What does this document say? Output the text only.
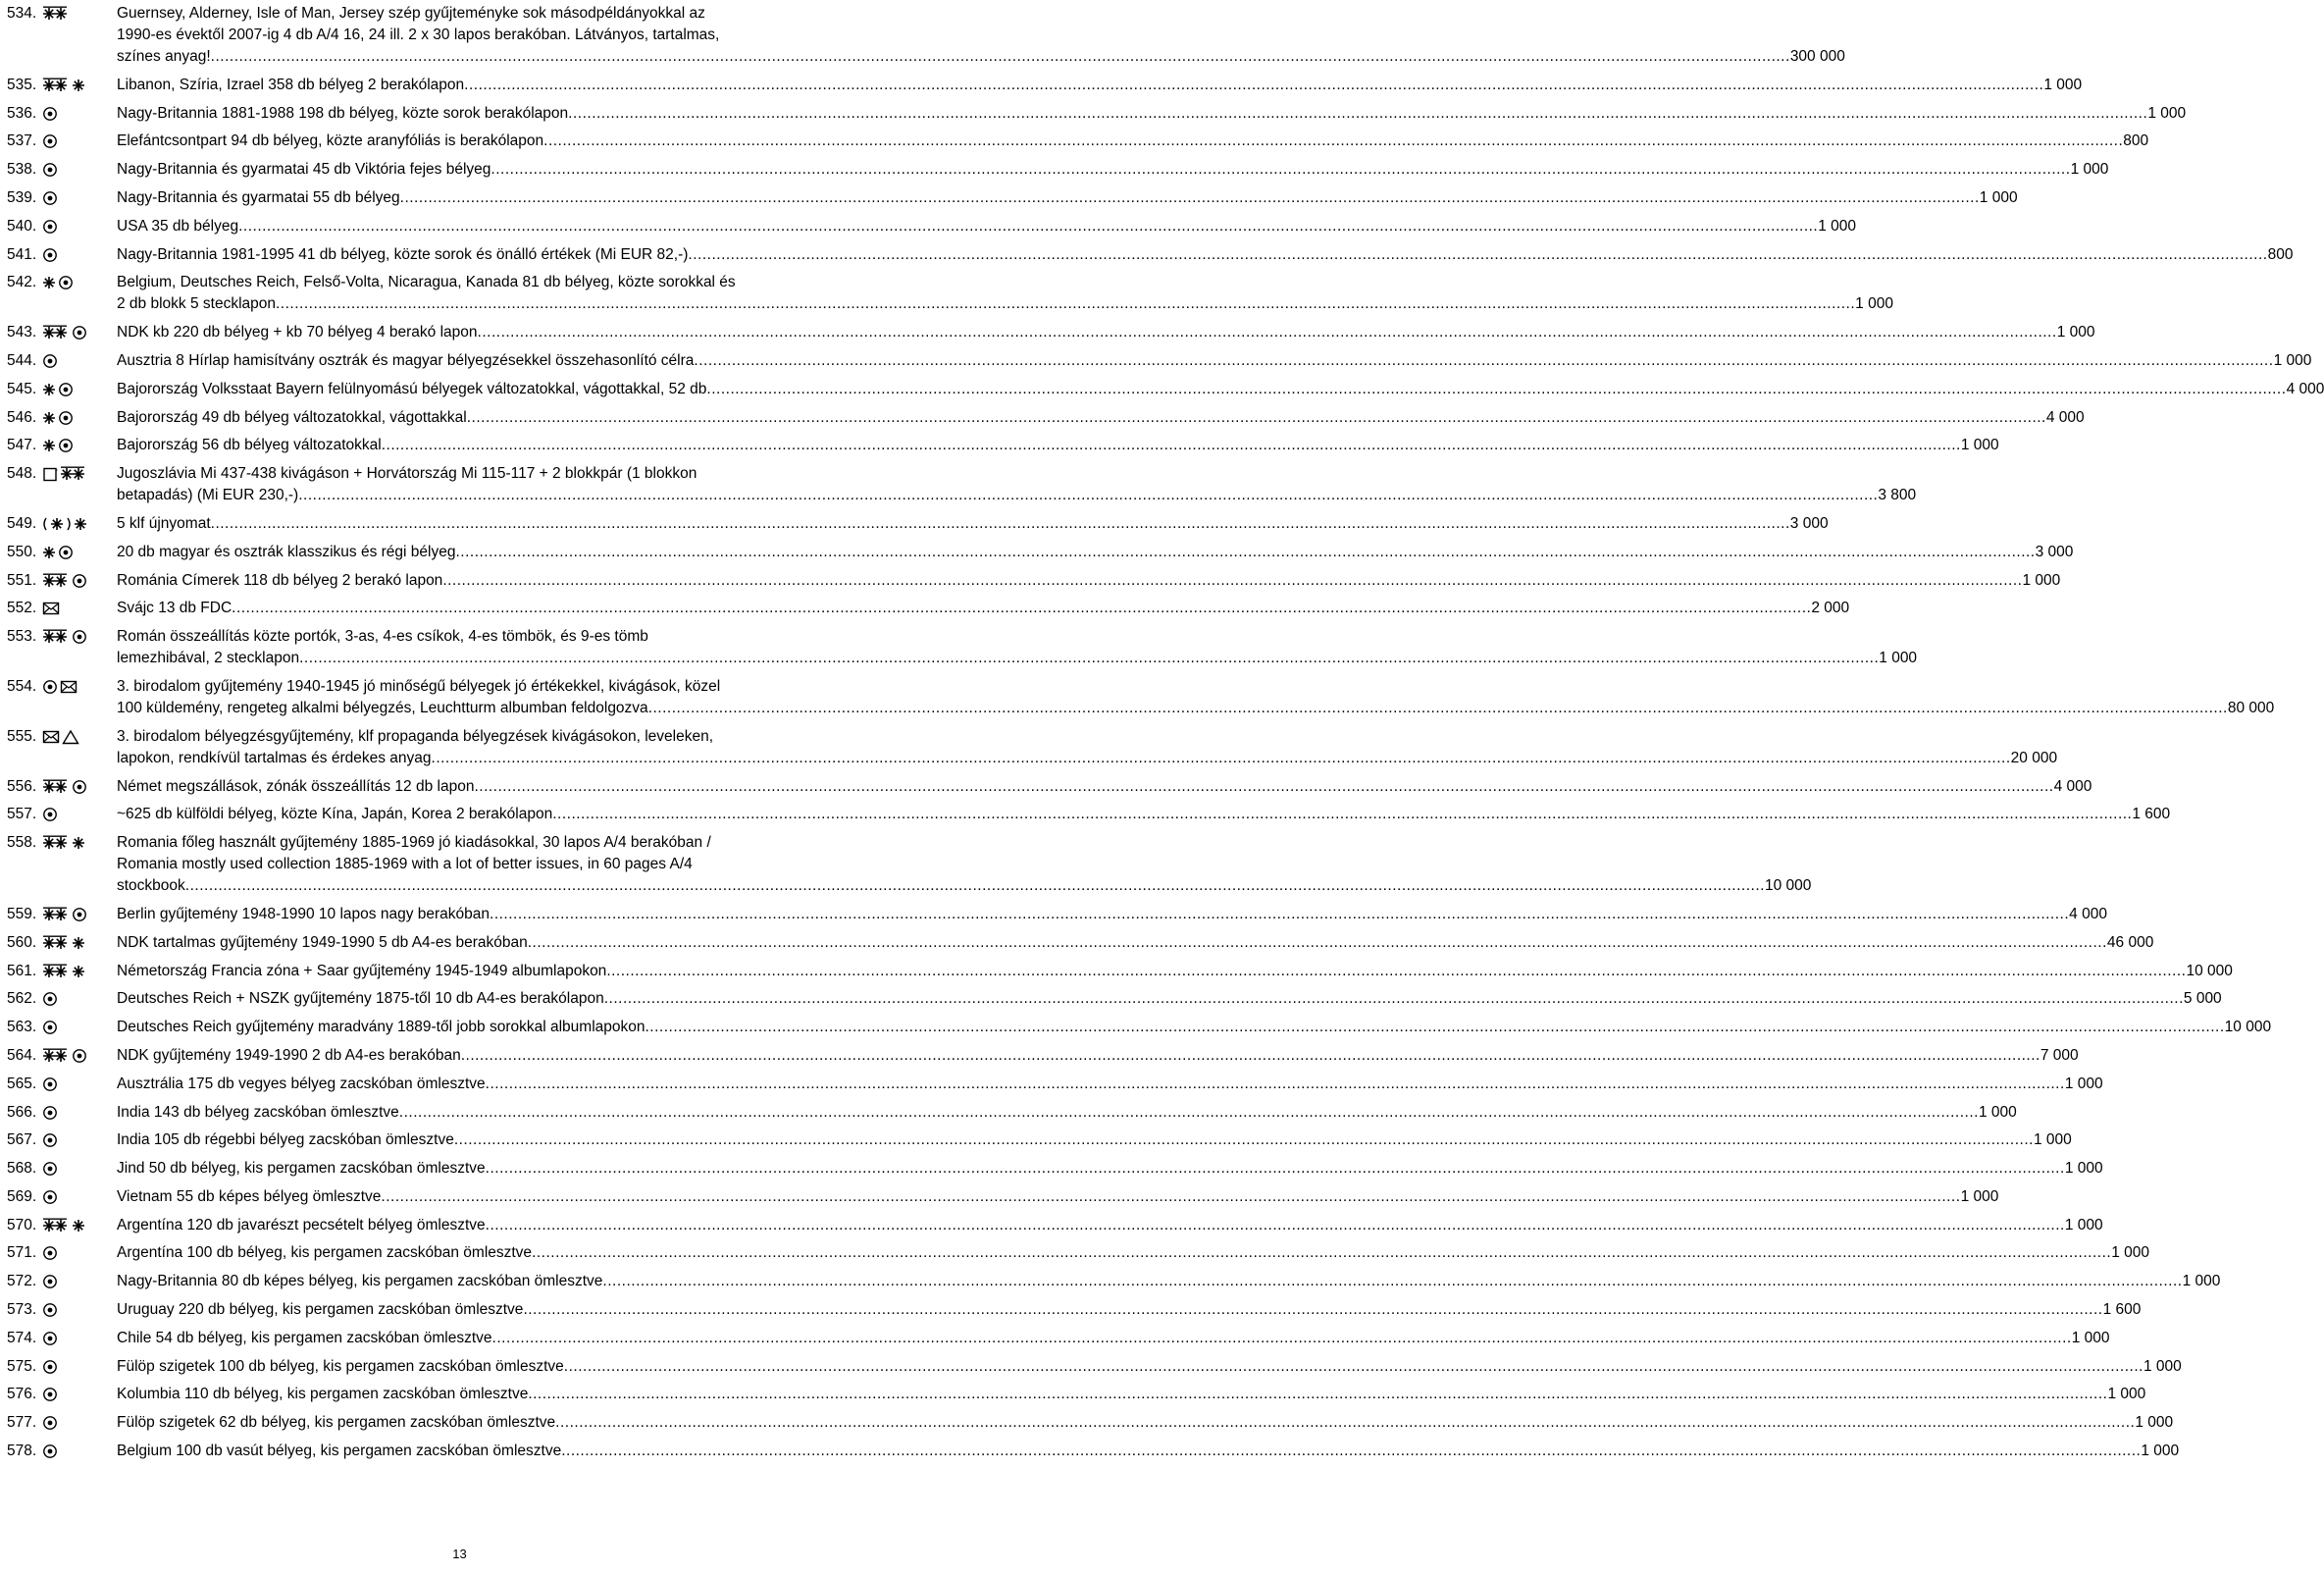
534.	Guernsey, Alderney, Isle of Man, Jersey szép gyűjteményke sok másodpéldányokkal az
1990-es évektől 2007-ig 4 db A/4 16, 24 ill. 2 x 30 lapos berakóban. Látványos, tartalmas,
színes anyag! .....	300 000
535.	Libanon, Szíria, Izrael 358 db bélyeg 2 berakólapon .....	1 000
536.	Nagy-Britannia 1881-1988 198 db bélyeg, közte sorok berakólapon .....	1 000
537.	Elefántcsontpart 94 db bélyeg, közte aranyfóliás is berakólapon .....	800
538.	Nagy-Britannia és gyarmatai 45 db Viktória fejes bélyeg .....	1 000
539.	Nagy-Britannia és gyarmatai 55 db bélyeg .....	1 000
540.	USA 35 db bélyeg .....	1 000
541.	Nagy-Britannia 1981-1995 41 db bélyeg, közte sorok és önálló értékek (Mi EUR 82,-) .....	800
542.	Belgium, Deutsches Reich, Felső-Volta, Nicaragua, Kanada 81 db bélyeg, közte sorokkal és
2 db blokk 5 stecklapon .....	1 000
543.	NDK kb 220 db bélyeg + kb 70 bélyeg 4 berakó lapon .....	1 000
544.	Ausztria 8 Hírlap hamisítvány osztrák és magyar bélyegzésekkel összehasonlító célra .....	1 000
545.	Bajorország Volksstaat Bayern felülnyomású bélyegek változatokkal, vágottakkal, 52 db .....	4 000
546.	Bajorország 49 db bélyeg változatokkal, vágottakkal .....	4 000
547.	Bajorország 56 db bélyeg változatokkal .....	1 000
548.	Jugoszlávia Mi 437-438 kivágáson + Horvátország Mi 115-117 + 2 blokkpár (1 blokkon
betapadás) (Mi EUR 230,-) .....	3 800
549.	5 klf újnyomat .....	3 000
550.	20 db magyar és osztrák klasszikus és régi bélyeg .....	3 000
551.	Románia Címerek 118 db bélyeg 2 berakó lapon .....	1 000
552.	Svájc 13 db FDC .....	2 000
553.	Román összeállítás közte portók, 3-as, 4-es csíkok, 4-es tömbök, és 9-es tömb
lemezhibával, 2 stecklapon .....	1 000
554.	3. birodalom gyűjtemény 1940-1945 jó minőségű bélyegek jó értékekkel, kivágások, közel
100 küldemény, rengeteg alkalmi bélyegzés, Leuchtturm albumban feldolgozva .....	80 000
555.	3. birodalom bélyegzésgyűjtemény, klf propaganda bélyegzések kivágásokon, leveleken,
lapokon, rendkívül tartalmas és érdekes anyag .....	20 000
556.	Német megszállások, zónák összeállítás 12 db lapon .....	4 000
557.	~625 db külföldi bélyeg, közte Kína, Japán, Korea 2 berakólapon .....	1 600
558.	Romania főleg használt gyűjtemény 1885-1969 jó kiadásokkal, 30 lapos A/4 berakóban /
Romania mostly used collection 1885-1969 with a lot of better issues, in 60 pages A/4
stockbook .....	10 000
559.	Berlin gyűjtemény 1948-1990 10 lapos nagy berakóban .....	4 000
560.	NDK tartalmas gyűjtemény 1949-1990 5 db A4-es berakóban .....	46 000
561.	Németország Francia zóna + Saar gyűjtemény 1945-1949 albumlapokon .....	10 000
562.	Deutsches Reich + NSZK gyűjtemény 1875-től 10 db A4-es berakólapon .....	5 000
563.	Deutsches Reich gyűjtemény maradvány 1889-től jobb sorokkal albumlapokon .....	10 000
564.	NDK gyűjtemény 1949-1990 2 db A4-es berakóban .....	7 000
565.	Ausztrália 175 db vegyes bélyeg zacskóban ömlesztve .....	1 000
566.	India 143 db bélyeg zacskóban ömlesztve .....	1 000
567.	India 105 db régebbi bélyeg zacskóban ömlesztve .....	1 000
568.	Jind 50 db bélyeg, kis pergamen zacskóban ömlesztve .....	1 000
569.	Vietnam 55 db képes bélyeg ömlesztve .....	1 000
570.	Argentína 120 db javarészt pecsételt bélyeg ömlesztve .....	1 000
571.	Argentína 100 db bélyeg, kis pergamen zacskóban ömlesztve .....	1 000
572.	Nagy-Britannia 80 db képes bélyeg, kis pergamen zacskóban ömlesztve .....	1 000
573.	Uruguay 220 db bélyeg, kis pergamen zacskóban ömlesztve .....	1 600
574.	Chile 54 db bélyeg, kis pergamen zacskóban ömlesztve .....	1 000
575.	Fülöp szigetek 100 db bélyeg, kis pergamen zacskóban ömlesztve .....	1 000
576.	Kolumbia 110 db bélyeg, kis pergamen zacskóban ömlesztve .....	1 000
577.	Fülöp szigetek 62 db bélyeg, kis pergamen zacskóban ömlesztve .....	1 000
578.	Belgium 100 db vasút bélyeg, kis pergamen zacskóban ömlesztve .....	1 000
13
